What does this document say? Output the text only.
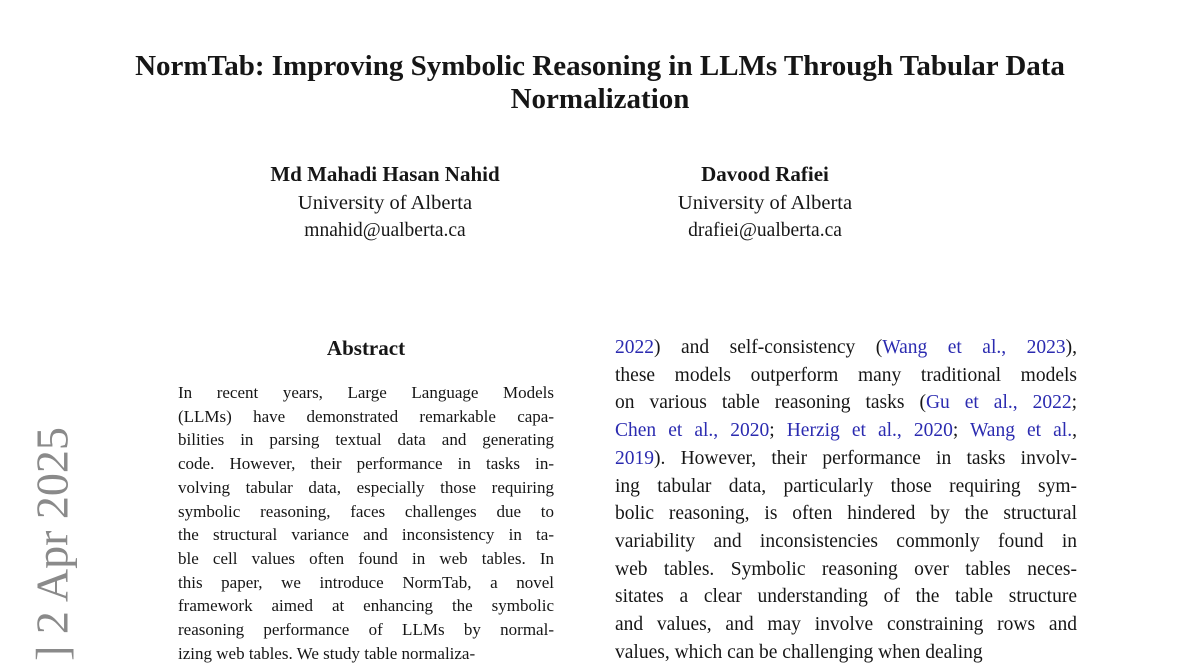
] 2 Apr 2025
NormTab: Improving Symbolic Reasoning in LLMs Through Tabular Data
Normalization
Md Mahadi Hasan Nahid
University of Alberta
mnahid@ualberta.ca
Davood Rafiei
University of Alberta
drafiei@ualberta.ca
Abstract
In recent years, Large Language Models
(LLMs) have demonstrated remarkable capa-
bilities in parsing textual data and generating
code. However, their performance in tasks in-
volving tabular data, especially those requiring
symbolic reasoning, faces challenges due to
the structural variance and inconsistency in ta-
ble cell values often found in web tables. In
this paper, we introduce NormTab, a novel
framework aimed at enhancing the symbolic
reasoning performance of LLMs by normal-
izing web tables. We study table normaliza-
2022) and self-consistency (Wang et al., 2023),
these models outperform many traditional models
on various table reasoning tasks (Gu et al., 2022;
Chen et al., 2020; Herzig et al., 2020; Wang et al.,
2019). However, their performance in tasks involv-
ing tabular data, particularly those requiring sym-
bolic reasoning, is often hindered by the structural
variability and inconsistencies commonly found in
web tables. Symbolic reasoning over tables neces-
sitates a clear understanding of the table structure
and values, and may involve constraining rows and
values, which can be challenging when dealing
